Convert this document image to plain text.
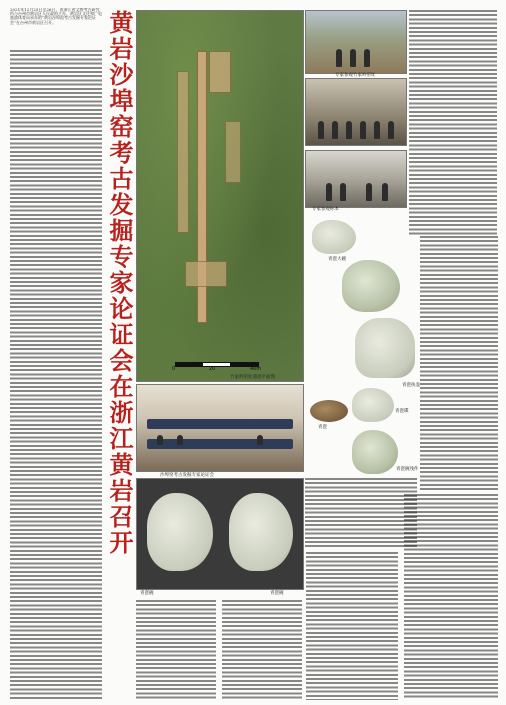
2021年12月25日至26日，由浙江省文物考古研究所与台州市黄岩区人民政府主办，黄岩区文化和广电旅游体育局承办的“黄岩沙埠窑考古发掘专家论证会”在台州市黄岩区召开。	黄岩沙埠窑考古发掘专家论证会在浙江黄岩召开	0	20	40m
竹家岭窑址遗迹平面图
专家参观竹家岭窑址
专家参观标本
青瓷大碗
青瓷执壶
青瓷
青瓷碟
青瓷碗残件
沙埠窑考古发掘专家论证会
青瓷碗	青瓷碗
